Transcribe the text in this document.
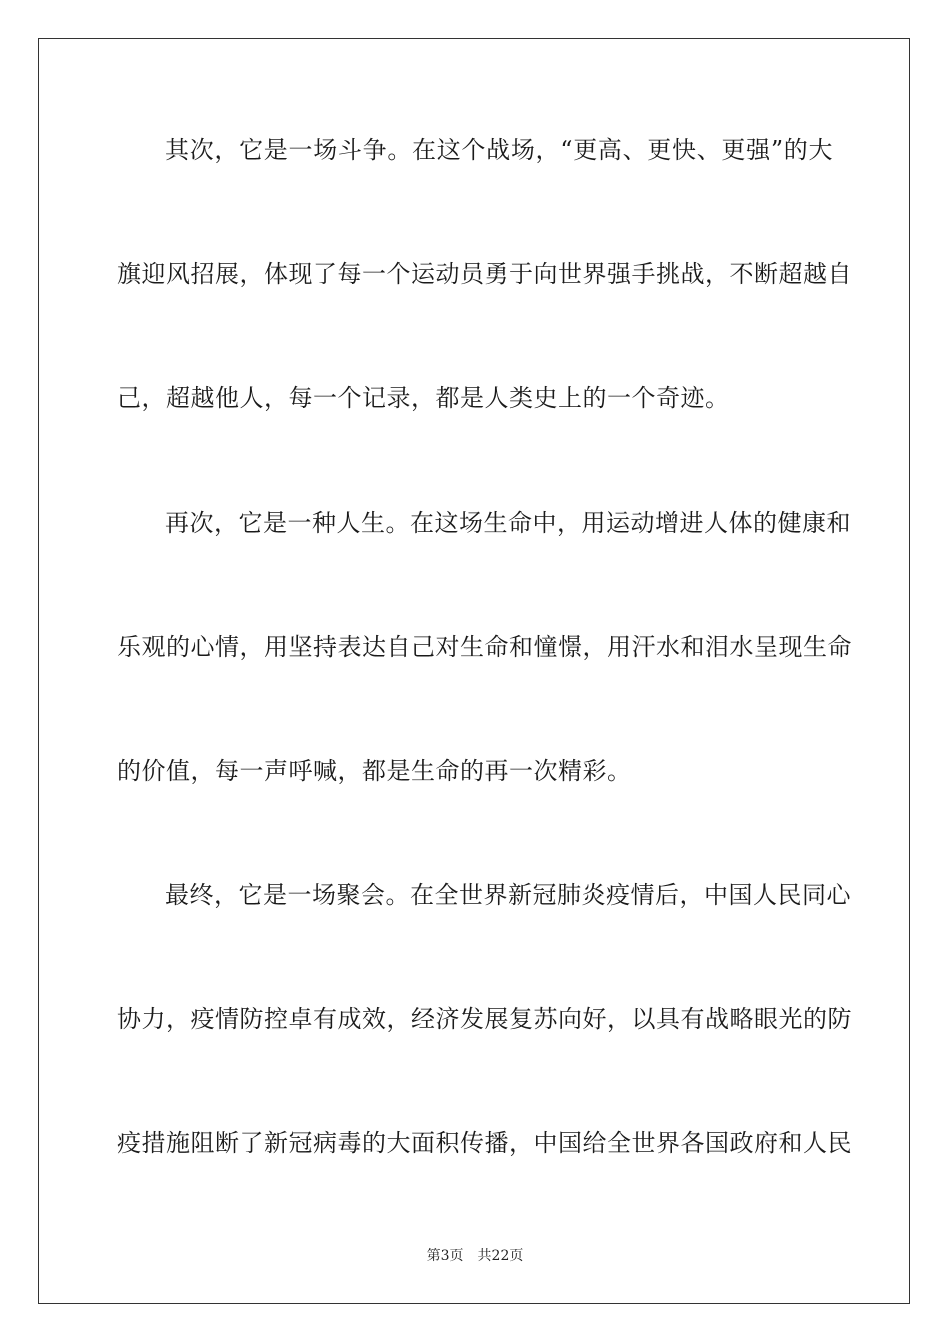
其次，它是一场斗争。在这个战场，“更高、更快、更强”的大
旗迎风招展，体现了每一个运动员勇于向世界强手挑战，不断超越自
己，超越他人，每一个记录，都是人类史上的一个奇迹。
再次，它是一种人生。在这场生命中，用运动增进人体的健康和
乐观的心情，用坚持表达自己对生命和憧憬，用汗水和泪水呈现生命
的价值，每一声呼喊，都是生命的再一次精彩。
最终，它是一场聚会。在全世界新冠肺炎疫情后，中国人民同心
协力，疫情防控卓有成效，经济发展复苏向好，以具有战略眼光的防
疫措施阻断了新冠病毒的大面积传播，中国给全世界各国政府和人民
第3页 共22页
